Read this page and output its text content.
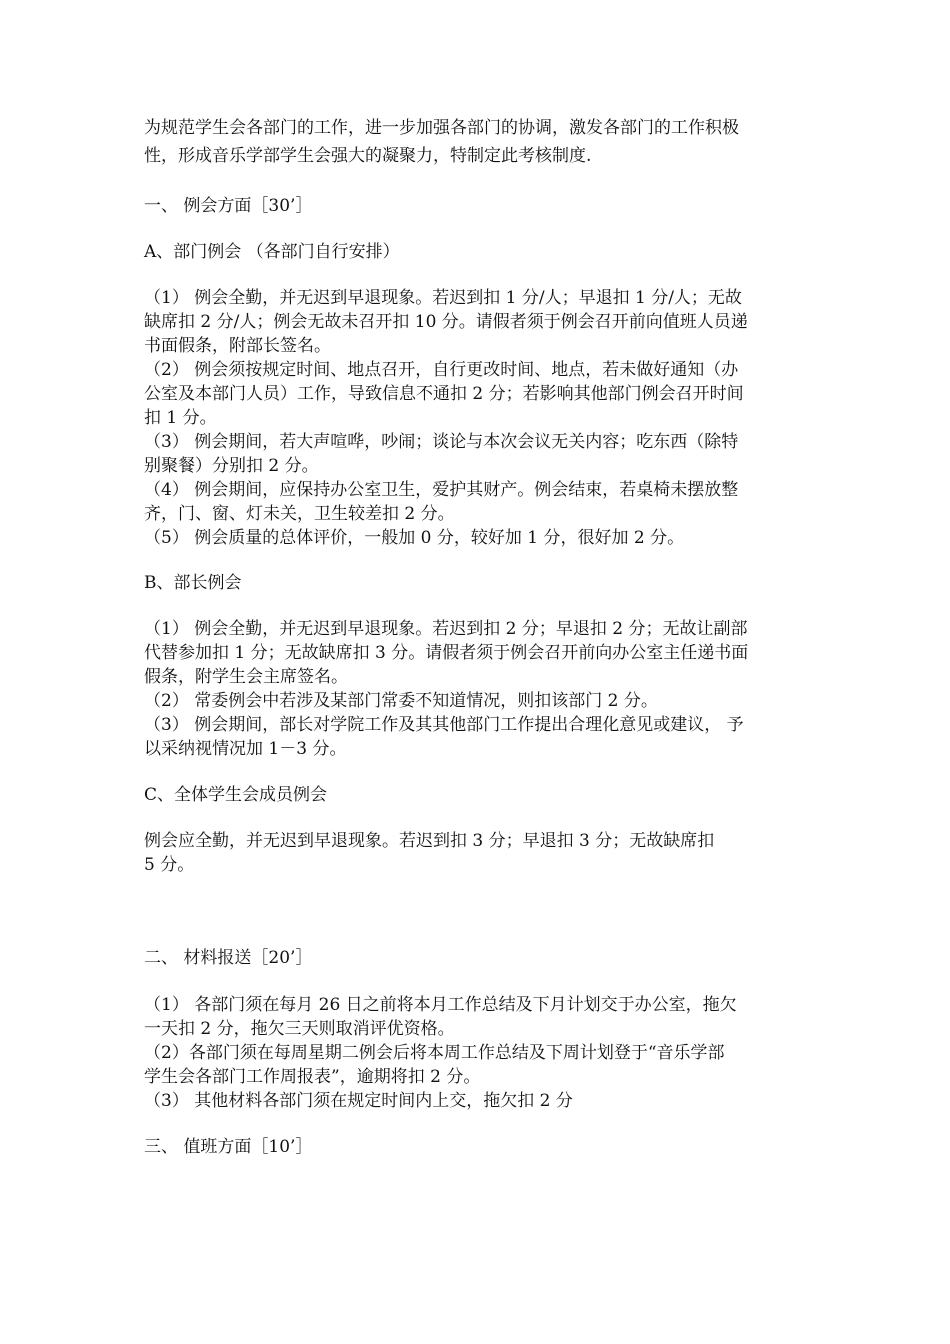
为规范学生会各部门的工作，进一步加强各部门的协调，激发各部门的工作积极

性，形成音乐学部学生会强大的凝聚力，特制定此考核制度.

一、 例会方面［30’］

A、部门例会 （各部门自行安排）

（1） 例会全勤，并无迟到早退现象。若迟到扣 1 分/人；早退扣 1 分/人；无故

缺席扣 2 分/人；例会无故未召开扣 10 分。请假者须于例会召开前向值班人员递

书面假条，附部长签名。

（2） 例会须按规定时间、地点召开，自行更改时间、地点，若未做好通知（办

公室及本部门人员）工作，导致信息不通扣 2 分；若影响其他部门例会召开时间

扣 1 分。

（3） 例会期间，若大声喧哗，吵闹；谈论与本次会议无关内容；吃东西（除特

别聚餐）分别扣 2 分。

（4） 例会期间，应保持办公室卫生，爱护其财产。例会结束，若桌椅未摆放整

齐，门、窗、灯未关，卫生较差扣 2 分。

（5） 例会质量的总体评价，一般加 0 分，较好加 1 分，很好加 2 分。

B、部长例会

（1） 例会全勤，并无迟到早退现象。若迟到扣 2 分；早退扣 2 分；无故让副部

代替参加扣 1 分；无故缺席扣 3 分。请假者须于例会召开前向办公室主任递书面

假条，附学生会主席签名。

（2） 常委例会中若涉及某部门常委不知道情况，则扣该部门 2 分。

（3） 例会期间，部长对学院工作及其其他部门工作提出合理化意见或建议， 予

以采纳视情况加 1－3 分。

C、全体学生会成员例会

例会应全勤，并无迟到早退现象。若迟到扣 3 分；早退扣 3 分；无故缺席扣

5 分。

二、 材料报送［20’］

（1） 各部门须在每月 26 日之前将本月工作总结及下月计划交于办公室，拖欠

一天扣 2 分，拖欠三天则取消评优资格。

（2）各部门须在每周星期二例会后将本周工作总结及下周计划登于“音乐学部

学生会各部门工作周报表”，逾期将扣 2 分。

（3） 其他材料各部门须在规定时间内上交，拖欠扣 2 分

三、 值班方面［10’］
